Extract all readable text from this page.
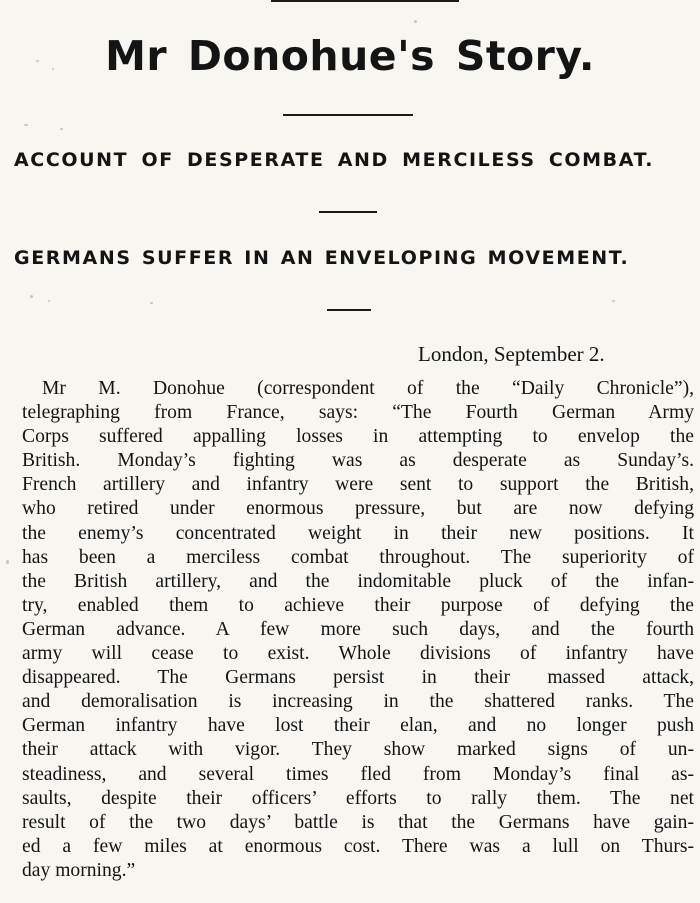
Mr Donohue's Story.
ACCOUNT OF DESPERATE AND MERCILESS COMBAT.
GERMANS SUFFER IN AN ENVELOPING MOVEMENT.
London, September 2.
Mr M. Donohue (correspondent of the “Daily Chronicle”),
telegraphing from France, says: “The Fourth German Army
Corps suffered appalling losses in attempting to envelop the
British. Monday’s fighting was as desperate as Sunday’s.
French artillery and infantry were sent to support the British,
who retired under enormous pressure, but are now defying
the enemy’s concentrated weight in their new positions. It
has been a merciless combat throughout. The superiority of
the British artillery, and the indomitable pluck of the infan-
try, enabled them to achieve their purpose of defying the
German advance. A few more such days, and the fourth
army will cease to exist. Whole divisions of infantry have
disappeared. The Germans persist in their massed attack,
and demoralisation is increasing in the shattered ranks. The
German infantry have lost their elan, and no longer push
their attack with vigor. They show marked signs of un-
steadiness, and several times fled from Monday’s final as-
saults, despite their officers’ efforts to rally them. The net
result of the two days’ battle is that the Germans have gain-
ed a few miles at enormous cost. There was a lull on Thurs-
day morning.”
